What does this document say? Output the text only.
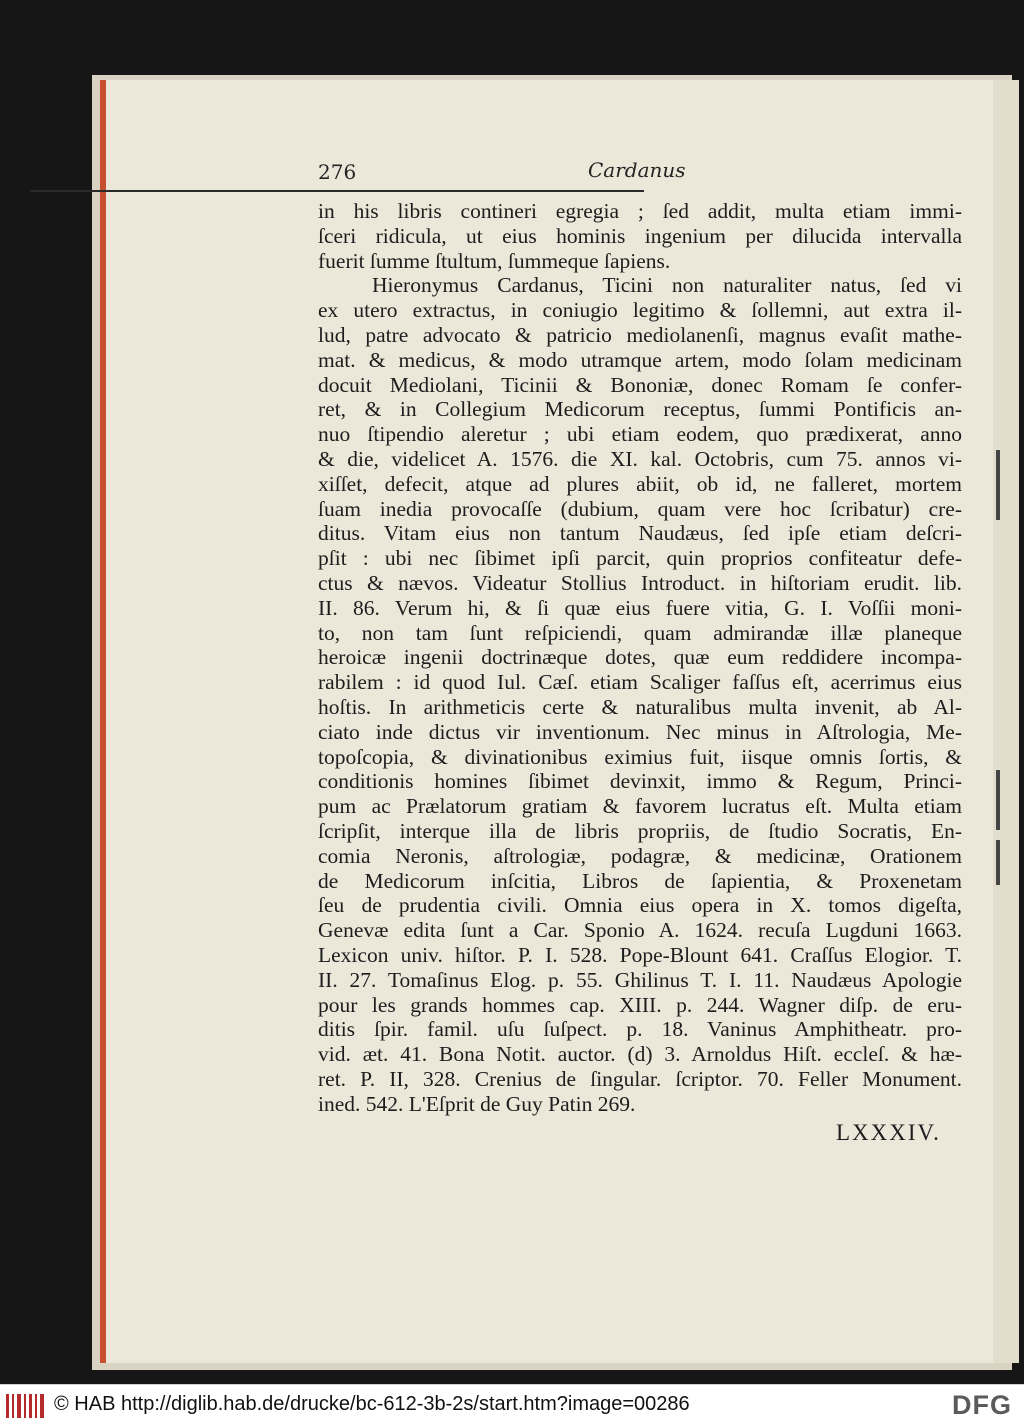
276	Cardanus
in his libris contineri egregia ; ſed addit, multa etiam immi-
ſceri ridicula, ut eius hominis ingenium per dilucida intervalla
fuerit ſumme ſtultum, ſummeque ſapiens.
Hieronymus Cardanus, Ticini non naturaliter natus, ſed vi
ex utero extractus, in coniugio legitimo & ſollemni, aut extra il-
lud, patre advocato & patricio mediolanenſi, magnus evaſit mathe-
mat. & medicus, & modo utramque artem, modo ſolam medicinam
docuit Mediolani, Ticinii & Bononiæ, donec Romam ſe confer-
ret, & in Collegium Medicorum receptus, ſummi Pontificis an-
nuo ſtipendio aleretur ; ubi etiam eodem, quo prædixerat, anno
& die, videlicet A. 1576. die XI. kal. Octobris, cum 75. annos vi-
xiſſet, defecit, atque ad plures abiit, ob id, ne falleret, mortem
ſuam inedia provocaſſe (dubium, quam vere hoc ſcribatur) cre-
ditus. Vitam eius non tantum Naudæus, ſed ipſe etiam deſcri-
pſit : ubi nec ſibimet ipſi parcit, quin proprios confiteatur defe-
ctus & nævos. Videatur Stollius Introduct. in hiſtoriam erudit. lib.
II. 86. Verum hi, & ſi quæ eius fuere vitia, G. I. Voſſii moni-
to, non tam ſunt reſpiciendi, quam admirandæ illæ planeque
heroicæ ingenii doctrinæque dotes, quæ eum reddidere incompa-
rabilem : id quod Iul. Cæſ. etiam Scaliger faſſus eſt, acerrimus eius
hoſtis. In arithmeticis certe & naturalibus multa invenit, ab Al-
ciato inde dictus vir inventionum. Nec minus in Aſtrologia, Me-
topoſcopia, & divinationibus eximius fuit, iisque omnis ſortis, &
conditionis homines ſibimet devinxit, immo & Regum, Princi-
pum ac Prælatorum gratiam & favorem lucratus eſt. Multa etiam
ſcripſit, interque illa de libris propriis, de ſtudio Socratis, En-
comia Neronis, aſtrologiæ, podagræ, & medicinæ, Orationem
de Medicorum inſcitia, Libros de ſapientia, & Proxenetam
ſeu de prudentia civili. Omnia eius opera in X. tomos digeſta,
Genevæ edita ſunt a Car. Sponio A. 1624. recuſa Lugduni 1663.
Lexicon univ. hiſtor. P. I. 528. Pope-Blount 641. Craſſus Elogior. T.
II. 27. Tomaſinus Elog. p. 55. Ghilinus T. I. 11. Naudæus Apologie
pour les grands hommes cap. XIII. p. 244. Wagner diſp. de eru-
ditis ſpir. famil. uſu ſuſpect. p. 18. Vaninus Amphitheatr. pro-
vid. æt. 41. Bona Notit. auctor. (d) 3. Arnoldus Hiſt. eccleſ. & hæ-
ret. P. II, 328. Crenius de ſingular. ſcriptor. 70. Feller Monument.
ined. 542. L'Eſprit de Guy Patin 269.
LXXXIV.
© HAB http://diglib.hab.de/drucke/bc-612-3b-2s/start.htm?image=00286	DFG
